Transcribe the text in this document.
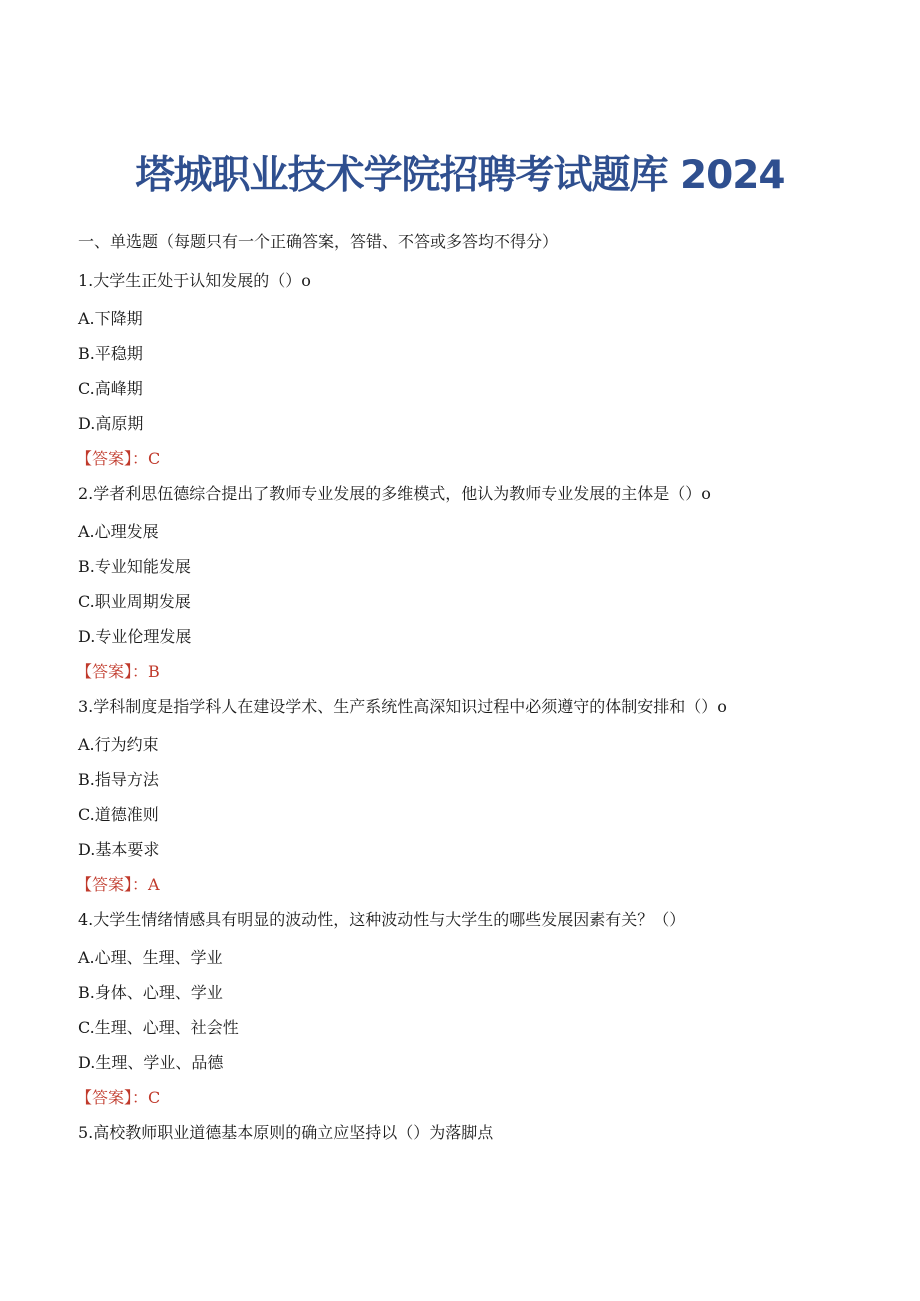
塔城职业技术学院招聘考试题库 2024
一、单选题（每题只有一个正确答案，答错、不答或多答均不得分）
1.大学生正处于认知发展的（）o
A.下降期
B.平稳期
C.高峰期
D.高原期
【答案】：C
2.学者利思伍德综合提出了教师专业发展的多维模式，他认为教师专业发展的主体是（）o
A.心理发展
B.专业知能发展
C.职业周期发展
D.专业伦理发展
【答案】：B
3.学科制度是指学科人在建设学术、生产系统性高深知识过程中必须遵守的体制安排和（）o
A.行为约束
B.指导方法
C.道德准则
D.基本要求
【答案】：A
4.大学生情绪情感具有明显的波动性，这种波动性与大学生的哪些发展因素有关？（）
A.心理、生理、学业
B.身体、心理、学业
C.生理、心理、社会性
D.生理、学业、品德
【答案】：C
5.高校教师职业道德基本原则的确立应坚持以（）为落脚点
